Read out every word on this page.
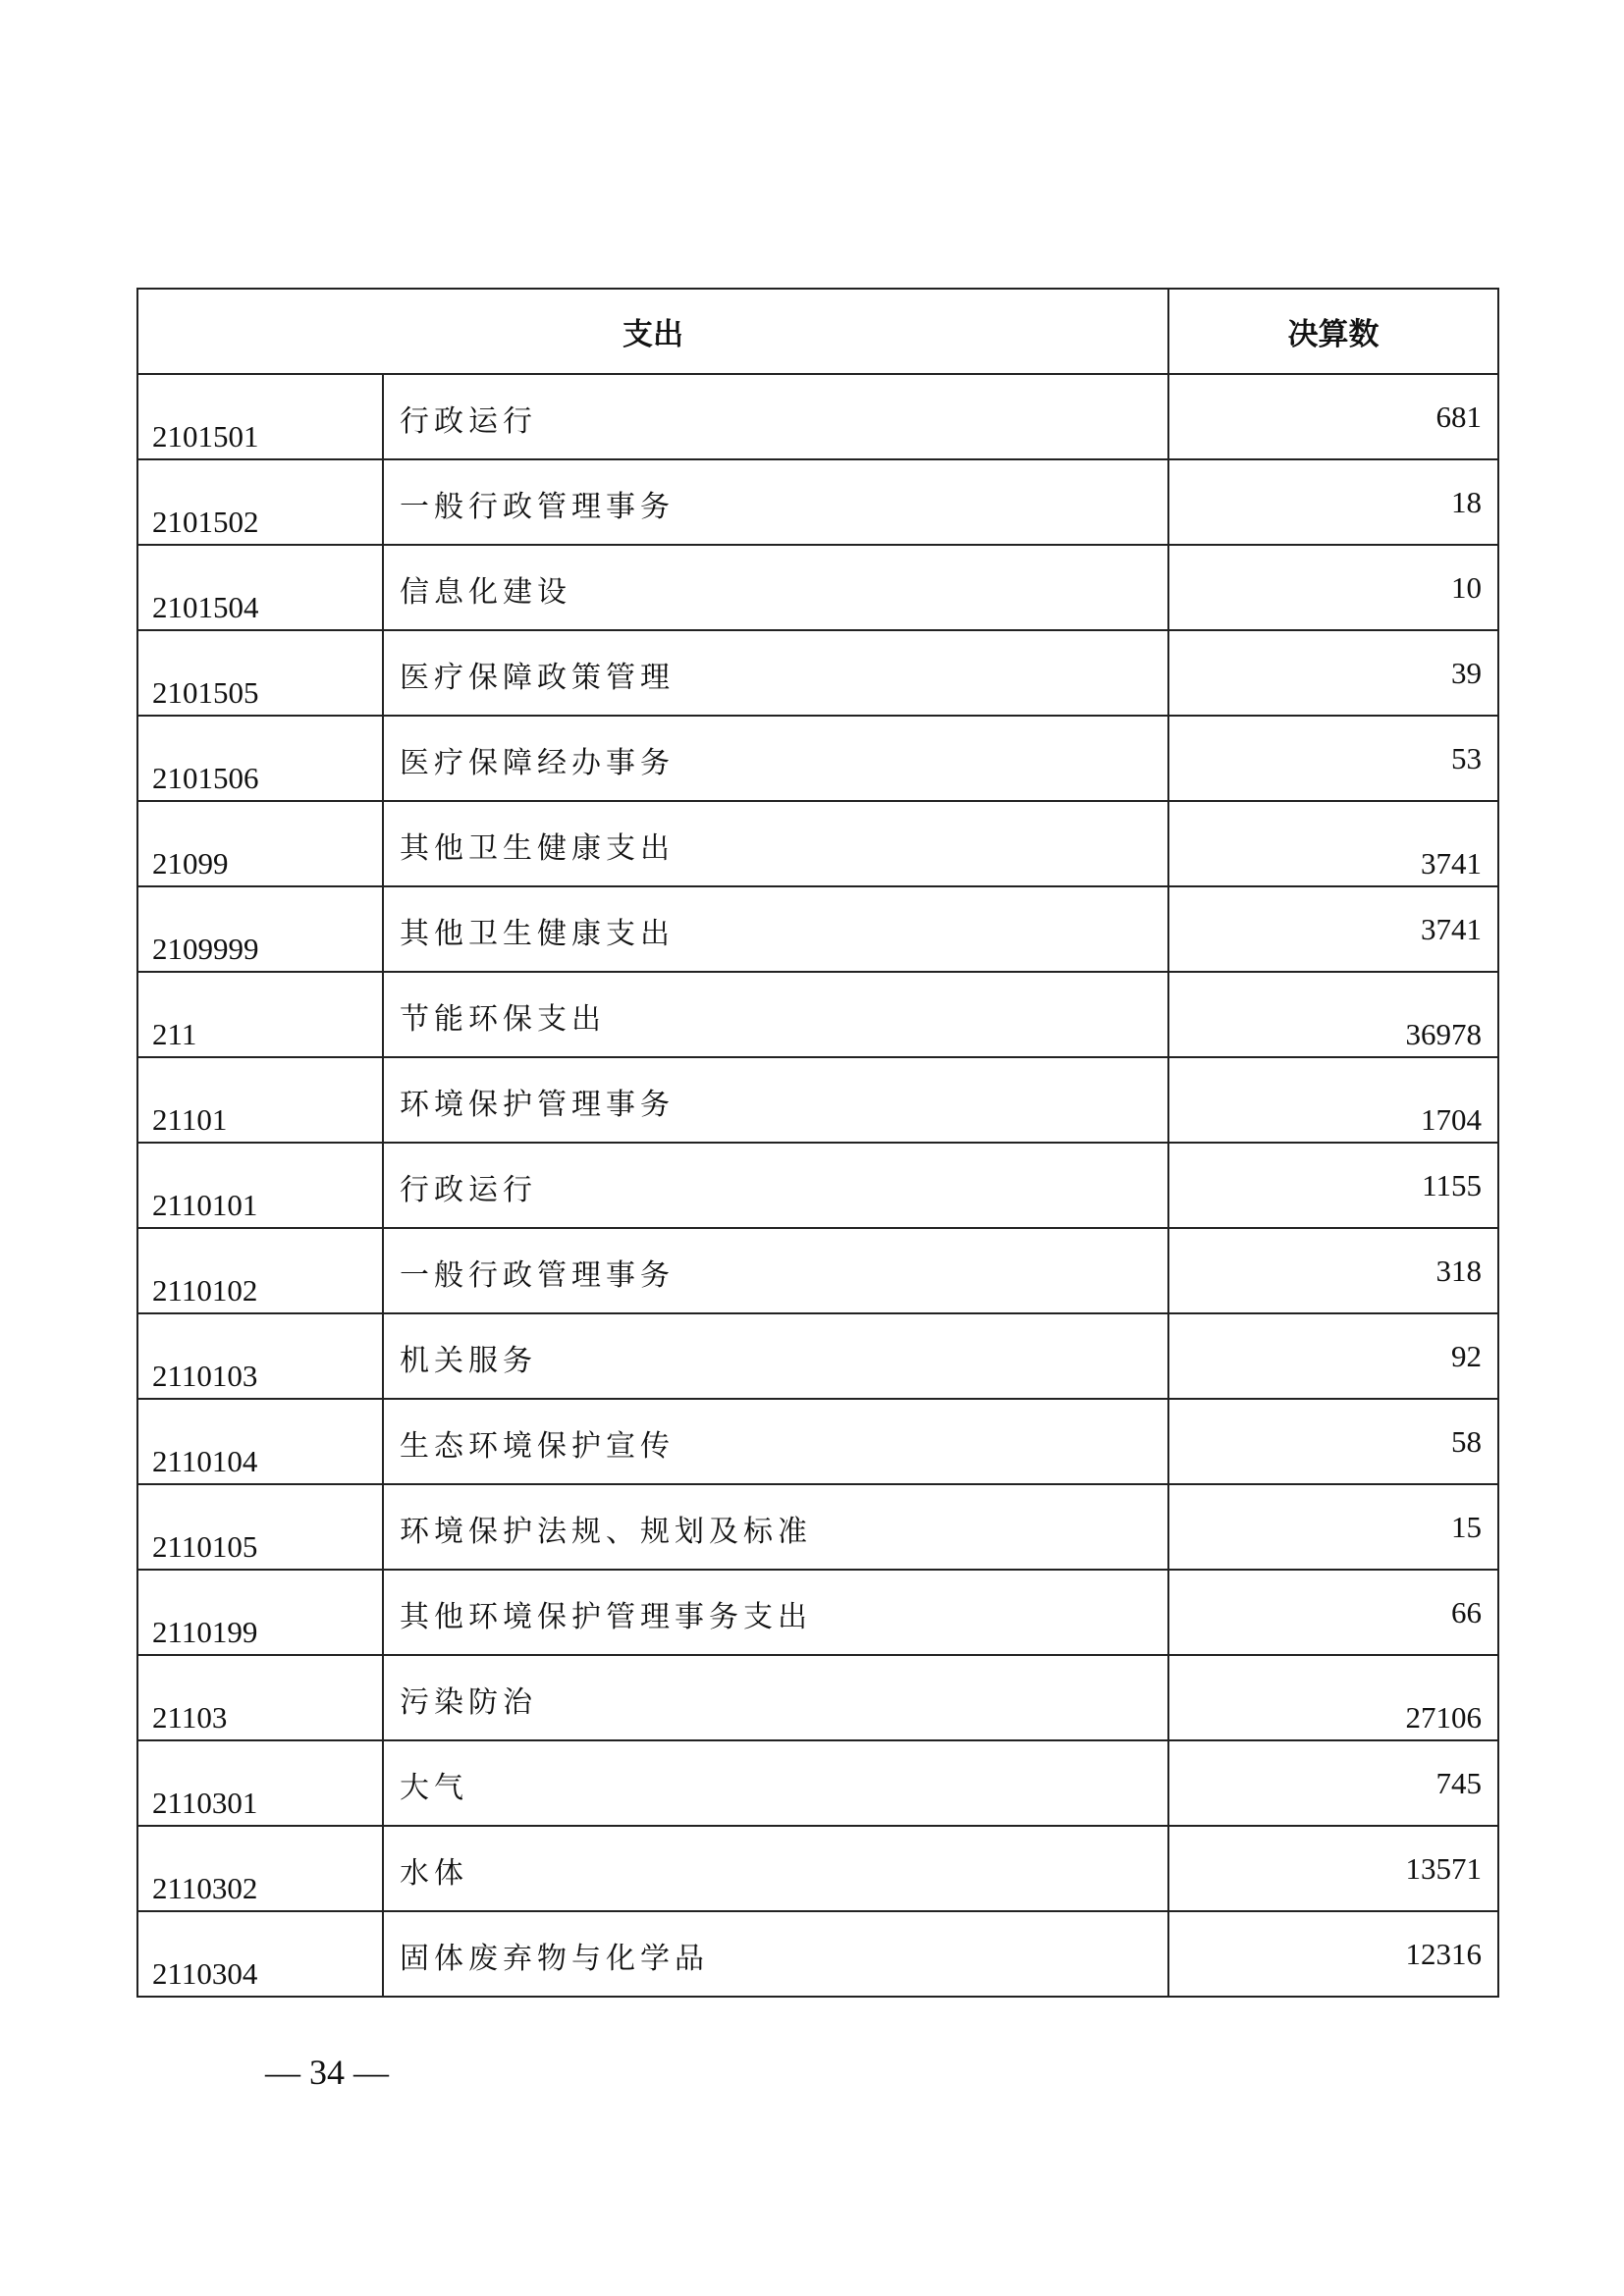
支出		决算数
2101501	行政运行	681
2101502	一般行政管理事务	18
2101504	信息化建设	10
2101505	医疗保障政策管理	39
2101506	医疗保障经办事务	53
21099	其他卫生健康支出	3741
2109999	其他卫生健康支出	3741
211	节能环保支出	36978
21101	环境保护管理事务	1704
2110101	行政运行	1155
2110102	一般行政管理事务	318
2110103	机关服务	92
2110104	生态环境保护宣传	58
2110105	环境保护法规、规划及标准	15
2110199	其他环境保护管理事务支出	66
21103	污染防治	27106
2110301	大气	745
2110302	水体	13571
2110304	固体废弃物与化学品	12316
— 34 —
